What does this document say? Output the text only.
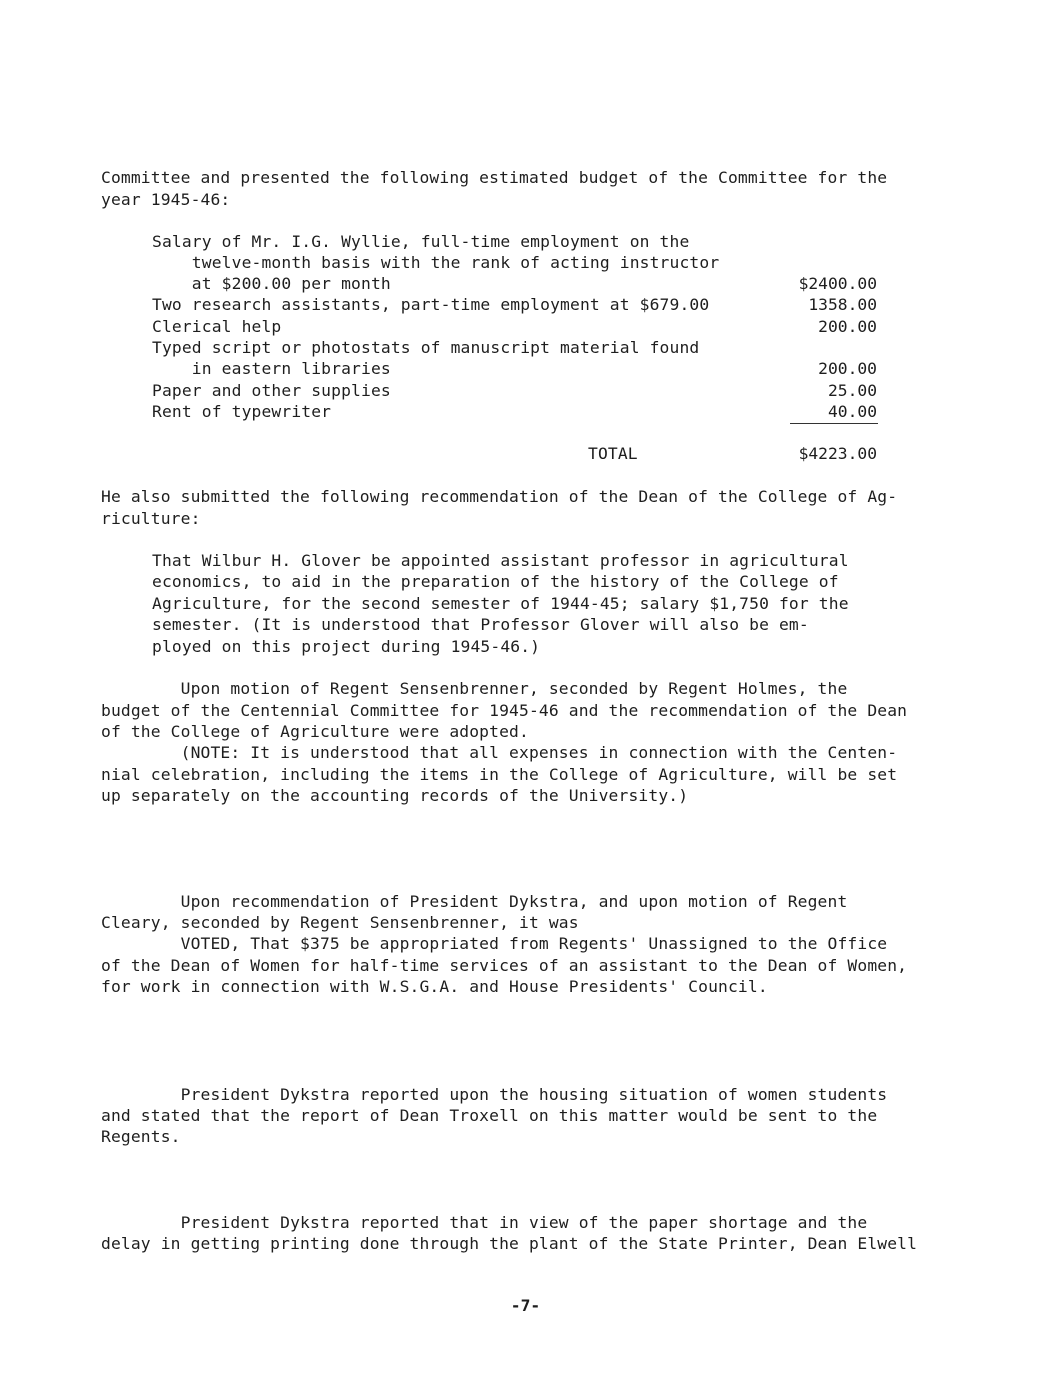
Committee and presented the following estimated budget of the Committee for the
year 1945-46:
Salary of Mr. I.G. Wyllie, full-time employment on the
twelve-month basis with the rank of acting instructor
at $200.00 per month	$2400.00
Two research assistants, part-time employment at $679.00	1358.00
Clerical help	200.00
Typed script or photostats of manuscript material found
in eastern libraries	200.00
Paper and other supplies	25.00
Rent of typewriter	40.00
TOTAL	$4223.00
He also submitted the following recommendation of the Dean of the College of Ag-
riculture:
That Wilbur H. Glover be appointed assistant professor in agricultural
economics, to aid in the preparation of the history of the College of
Agriculture, for the second semester of 1944-45; salary $1,750 for the
semester. (It is understood that Professor Glover will also be em-
ployed on this project during 1945-46.)
Upon motion of Regent Sensenbrenner, seconded by Regent Holmes, the
budget of the Centennial Committee for 1945-46 and the recommendation of the Dean
of the College of Agriculture were adopted.
(NOTE: It is understood that all expenses in connection with the Centen-
nial celebration, including the items in the College of Agriculture, will be set
up separately on the accounting records of the University.)
Upon recommendation of President Dykstra, and upon motion of Regent
Cleary, seconded by Regent Sensenbrenner, it was
VOTED, That $375 be appropriated from Regents' Unassigned to the Office
of the Dean of Women for half-time services of an assistant to the Dean of Women,
for work in connection with W.S.G.A. and House Presidents' Council.
President Dykstra reported upon the housing situation of women students
and stated that the report of Dean Troxell on this matter would be sent to the
Regents.
President Dykstra reported that in view of the paper shortage and the
delay in getting printing done through the plant of the State Printer, Dean Elwell
-7-
